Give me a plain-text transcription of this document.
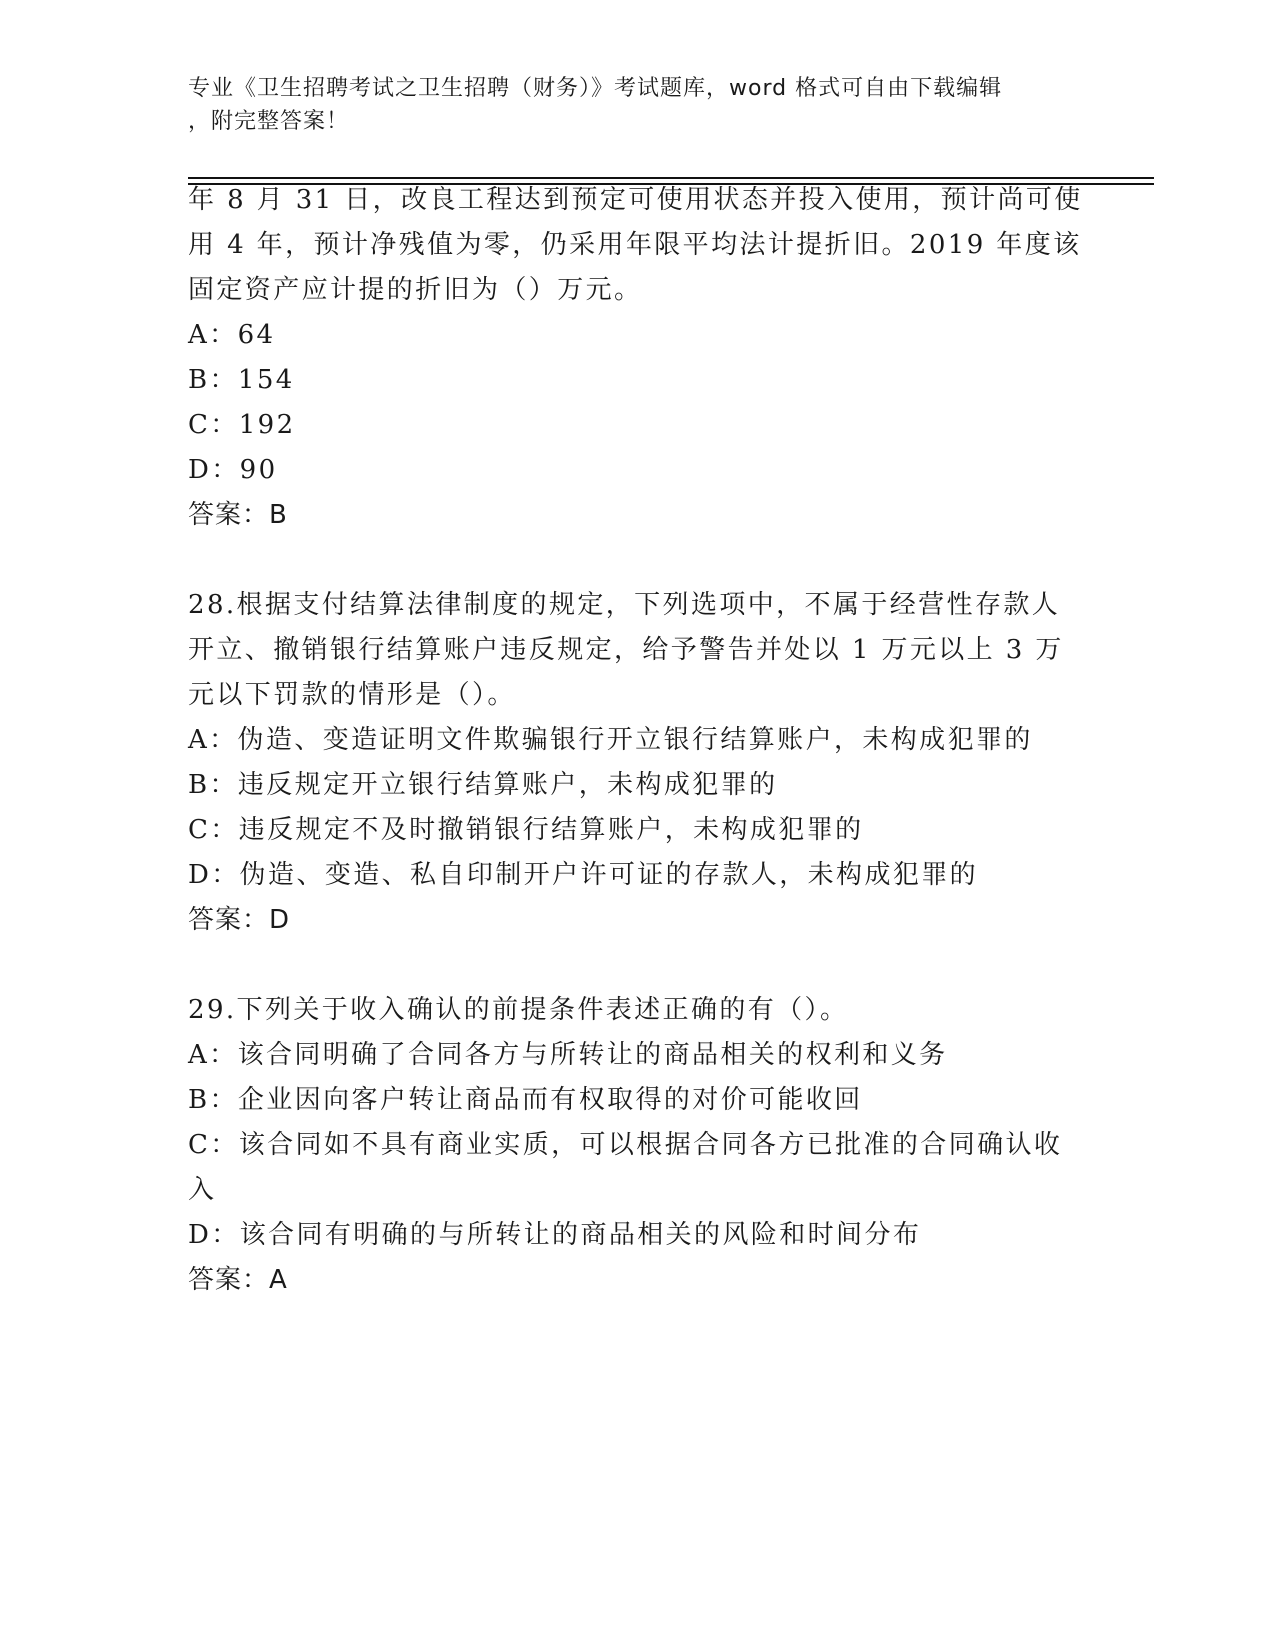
专业《卫生招聘考试之卫生招聘（财务）》考试题库，word 格式可自由下载编辑
，附完整答案！
年 8 月 31 日，改良工程达到预定可使用状态并投入使用，预计尚可使
用 4 年，预计净残值为零，仍采用年限平均法计提折旧。2019 年度该
固定资产应计提的折旧为（）万元。
A：64
B：154
C：192
D：90
答案：B
28.根据支付结算法律制度的规定，下列选项中，不属于经营性存款人
开立、撤销银行结算账户违反规定，给予警告并处以 1 万元以上 3 万
元以下罚款的情形是（）。
A：伪造、变造证明文件欺骗银行开立银行结算账户，未构成犯罪的
B：违反规定开立银行结算账户，未构成犯罪的
C：违反规定不及时撤销银行结算账户，未构成犯罪的
D：伪造、变造、私自印制开户许可证的存款人，未构成犯罪的
答案：D
29.下列关于收入确认的前提条件表述正确的有（）。
A：该合同明确了合同各方与所转让的商品相关的权利和义务
B：企业因向客户转让商品而有权取得的对价可能收回
C：该合同如不具有商业实质，可以根据合同各方已批准的合同确认收
入
D：该合同有明确的与所转让的商品相关的风险和时间分布
答案：A
